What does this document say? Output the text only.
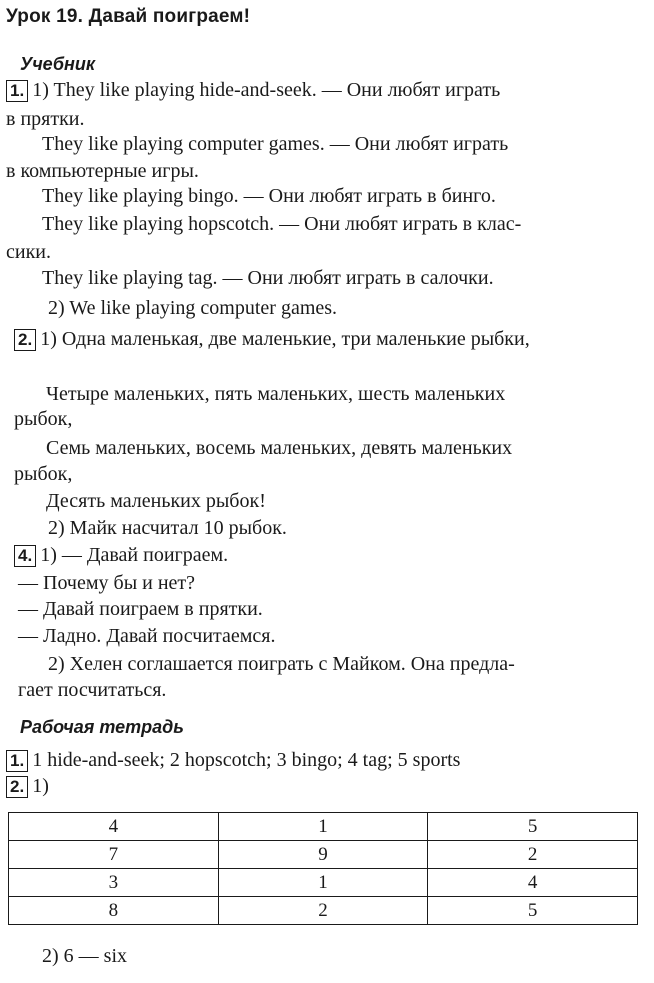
Урок 19. Давай поиграем!
Учебник
1. 1) They like playing hide-and-seek. — Они любят играть
в прятки.
They like playing computer games. — Они любят играть
в компьютерные игры.
They like playing bingo. — Они любят играть в бинго.
They like playing hopscotch. — Они любят играть в клас-
сики.
They like playing tag. — Они любят играть в салочки.
2) We like playing computer games.
2. 1) Одна маленькая, две маленькие, три маленькие рыбки,
Четыре маленьких, пять маленьких, шесть маленьких
рыбок,
Семь маленьких, восемь маленьких, девять маленьких
рыбок,
Десять маленьких рыбок!
2) Майк насчитал 10 рыбок.
4. 1) — Давай поиграем.
— Почему бы и нет?
— Давай поиграем в прятки.
— Ладно. Давай посчитаемся.
2) Хелен соглашается поиграть с Майком. Она предла-
гает посчитаться.
Рабочая тетрадь
1. 1 hide-and-seek; 2 hopscotch; 3 bingo; 4 tag; 5 sports
2. 1)
4	1	5
7	9	2
3	1	4
8	2	5
2) 6 — six
